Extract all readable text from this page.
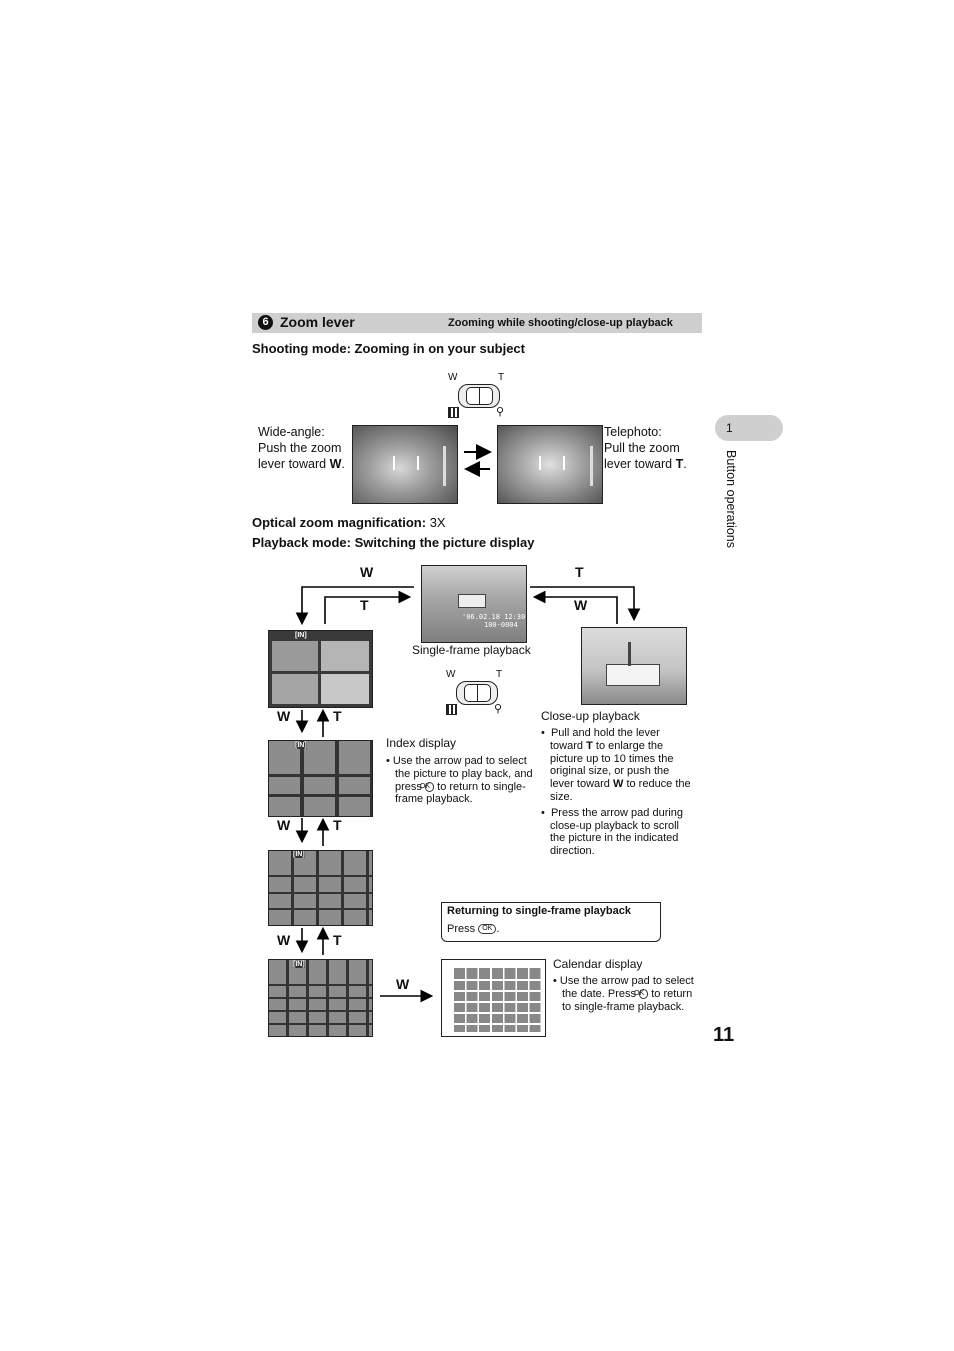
6 Zoom lever	Zooming while shooting/close-up playback
Shooting mode: Zooming in on your subject
W	T
⚲
Wide-angle:
Push the zoom
lever toward W.
Telephoto:
Pull the zoom
lever toward T.
Optical zoom magnification: 3X
Playback mode: Switching the picture display
W
T
T
W
'06.02.18 12:30
100-0004
Single-frame playback
Close-up playback
W	T
⚲
[IN]
W	T
[IN]
W	T
[IN]
W	T
[IN]
W
Index display
• Use the arrow pad to select the picture to play back, and press OK to return to single-frame playback.
•  Pull and hold the lever toward T to enlarge the picture up to 10 times the original size, or push the lever toward W to reduce the size.
•  Press the arrow pad during close-up playback to scroll the picture in the indicated direction.
Returning to single-frame playback
Press OK .
Calendar display
• Use the arrow pad to select the date. Press OK to return to single-frame playback.
1
Button operations
11
